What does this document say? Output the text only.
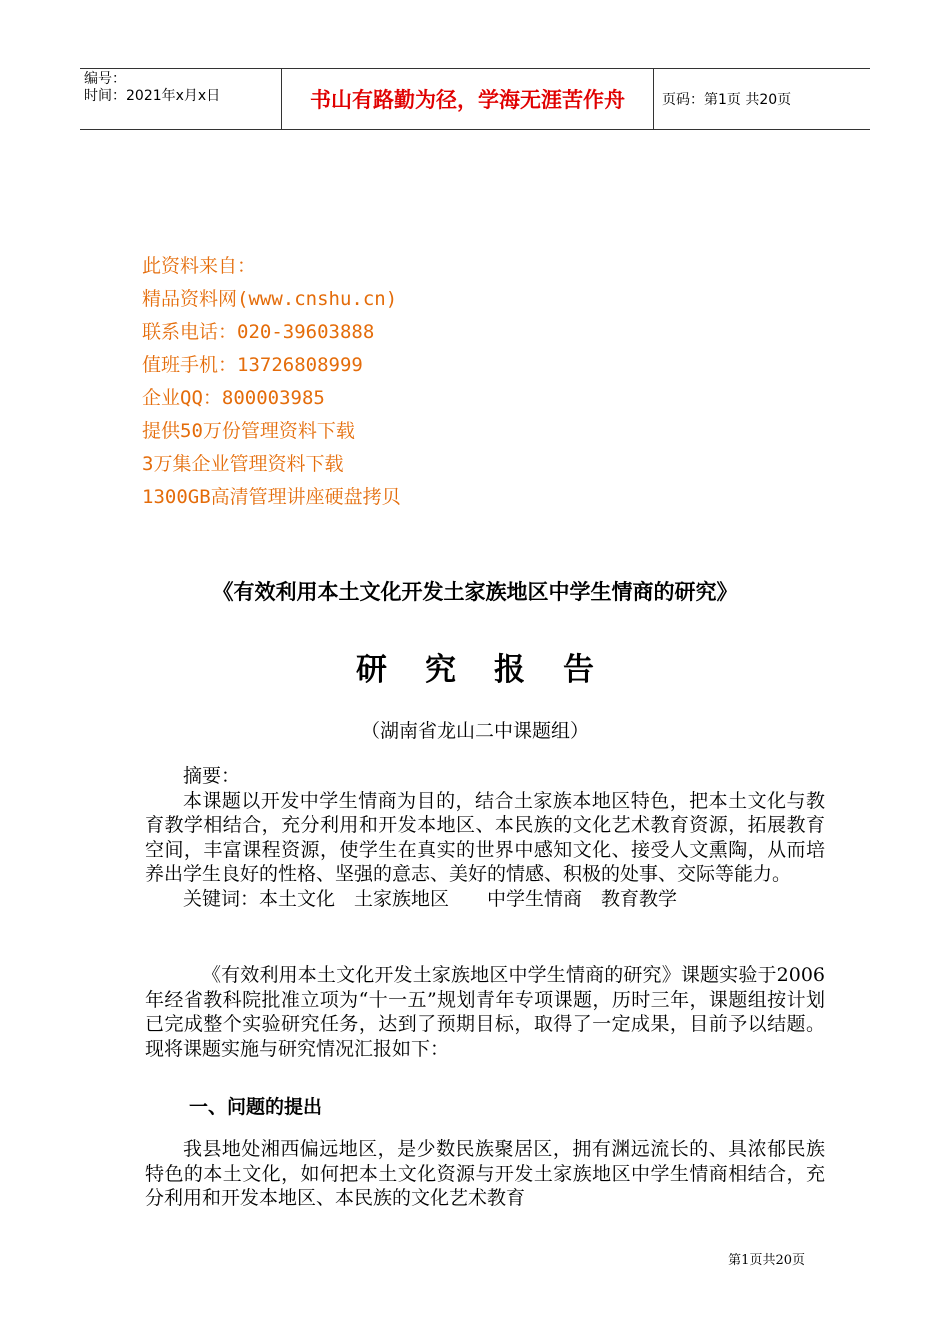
编号：
时间：2021年x月x日	书山有路勤为径，学海无涯苦作舟	页码：第1页 共20页
此资料来自：
精品资料网(www.cnshu.cn)
联系电话：020-39603888
值班手机：13726808999
企业QQ：800003985
提供50万份管理资料下载
3万集企业管理资料下载
1300GB高清管理讲座硬盘拷贝
《有效利用本土文化开发土家族地区中学生情商的研究》
研究报告
（湖南省龙山二中课题组）

摘要：

本课题以开发中学生情商为目的，结合土家族本地区特色，把本土文化与教育教学相结合，充分利用和开发本地区、本民族的文化艺术教育资源，拓展教育空间，丰富课程资源，使学生在真实的世界中感知文化、接受人文熏陶，从而培养出学生良好的性格、坚强的意志、美好的情感、积极的处事、交际等能力。

关键词：本土文化　土家族地区　　中学生情商　教育教学

《有效利用本土文化开发土家族地区中学生情商的研究》课题实验于2006年经省教科院批准立项为“十一五”规划青年专项课题，历时三年，课题组按计划已完成整个实验研究任务，达到了预期目标，取得了一定成果，目前予以结题。现将课题实施与研究情况汇报如下：

一、问题的提出

我县地处湘西偏远地区，是少数民族聚居区，拥有渊远流长的、具浓郁民族特色的本土文化，如何把本土文化资源与开发土家族地区中学生情商相结合，充分利用和开发本地区、本民族的文化艺术教育

第1页共20页
